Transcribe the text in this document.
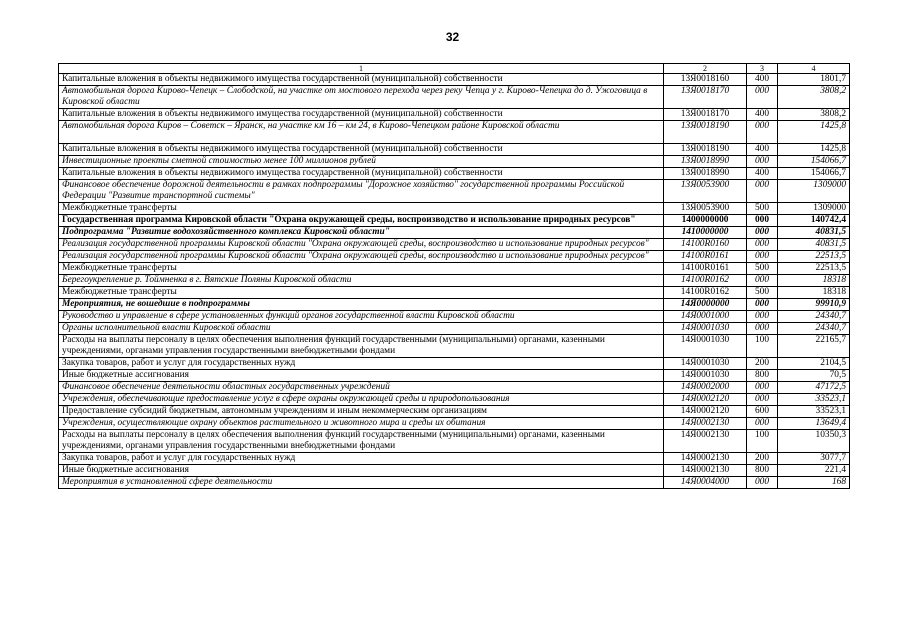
32
1	2	3	4
Капитальные вложения в объекты недвижимого имущества государственной (муниципальной) собственности	13Я0018160	400	1801,7
Автомобильная дорога Кирово-Чепецк – Слободской, на участке от мостового перехода через реку Чепца у г. Кирово-Чепецка до д. Ужоговица в Кировской области	13Я0018170	000	3808,2
Капитальные вложения в объекты недвижимого имущества государственной (муниципальной) собственности	13Я0018170	400	3808,2
Автомобильная дорога Киров – Советск – Яранск, на участке км 16 – км 24, в Кирово-Чепецком районе Кировской области	13Я0018190	000	1425,8
Капитальные вложения в объекты недвижимого имущества государственной (муниципальной) собственности	13Я0018190	400	1425,8
Инвестиционные проекты сметной стоимостью менее 100 миллионов рублей	13Я0018990	000	154066,7
Капитальные вложения в объекты недвижимого имущества государственной (муниципальной) собственности	13Я0018990	400	154066,7
Финансовое обеспечение дорожной деятельности в рамках подпрограммы "Дорожное хозяйство" государственной программы Российской Федерации "Развитие транспортной системы"	13Я0053900	000	1309000
Межбюджетные трансферты	13Я0053900	500	1309000
Государственная программа Кировской области "Охрана окружающей среды, воспроизводство и использование природных ресурсов"	1400000000	000	140742,4
Подпрограмма "Развитие водохозяйственного комплекса Кировской области"	1410000000	000	40831,5
Реализация государственной программы Кировской области "Охрана окружающей среды, воспроизводство и использование природных ресурсов"	14100R0160	000	40831,5
Реализация государственной программы Кировской области "Охрана окружающей среды, воспроизводство и использование природных ресурсов"	14100R0161	000	22513,5
Межбюджетные трансферты	14100R0161	500	22513,5
Берегоукрепление р. Тоймненка в г. Вятские Поляны Кировской области	14100R0162	000	18318
Межбюджетные трансферты	14100R0162	500	18318
Мероприятия, не вошедшие в подпрограммы	14Я0000000	000	99910,9
Руководство и управление в сфере установленных функций органов государственной власти Кировской области	14Я0001000	000	24340,7
Органы исполнительной власти Кировской области	14Я0001030	000	24340,7
Расходы на выплаты персоналу в целях обеспечения выполнения функций государственными (муниципальными) органами, казенными учреждениями, органами управления государственными внебюджетными фондами	14Я0001030	100	22165,7
Закупка товаров, работ и услуг для государственных нужд	14Я0001030	200	2104,5
Иные бюджетные ассигнования	14Я0001030	800	70,5
Финансовое обеспечение деятельности областных государственных учреждений	14Я0002000	000	47172,5
Учреждения, обеспечивающие предоставление услуг в сфере охраны окружающей среды и природопользования	14Я0002120	000	33523,1
Предоставление субсидий бюджетным, автономным учреждениям и иным некоммерческим организациям	14Я0002120	600	33523,1
Учреждения, осуществляющие охрану объектов растительного и животного мира и среды их обитания	14Я0002130	000	13649,4
Расходы на выплаты персоналу в целях обеспечения выполнения функций государственными (муниципальными) органами, казенными учреждениями, органами управления государственными внебюджетными фондами	14Я0002130	100	10350,3
Закупка товаров, работ и услуг для государственных нужд	14Я0002130	200	3077,7
Иные бюджетные ассигнования	14Я0002130	800	221,4
Мероприятия в установленной сфере деятельности	14Я0004000	000	168
